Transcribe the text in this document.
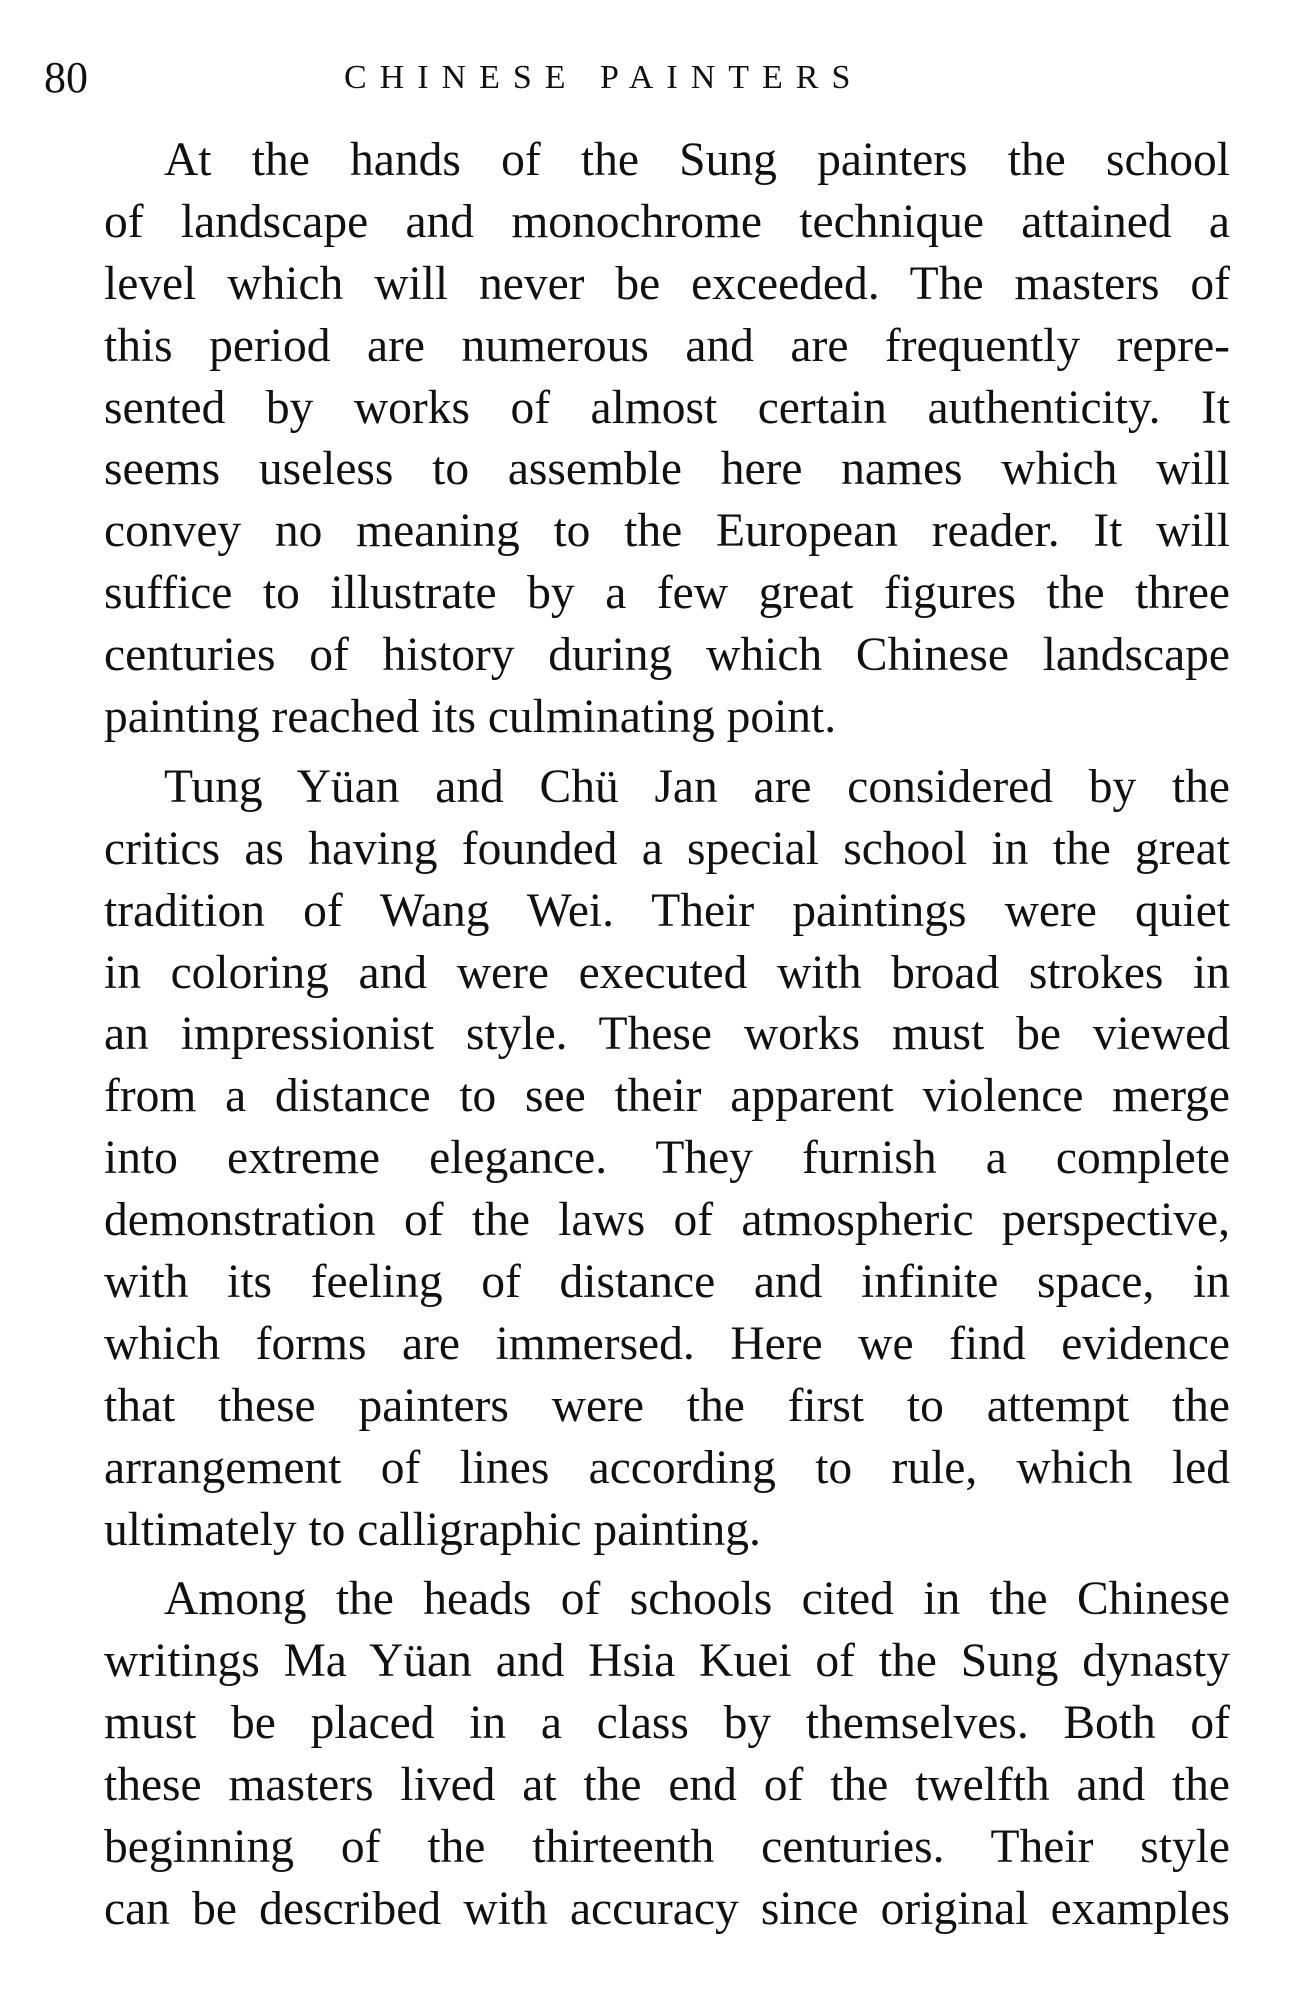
80	CHINESE PAINTERS
At the hands of the Sung painters the school
of landscape and monochrome technique attained a
level which will never be exceeded. The masters of
this period are numerous and are frequently repre-
sented by works of almost certain authenticity. It
seems useless to assemble here names which will
convey no meaning to the European reader. It will
suffice to illustrate by a few great figures the three
centuries of history during which Chinese landscape
painting reached its culminating point.
Tung Yüan and Chü Jan are considered by the
critics as having founded a special school in the great
tradition of Wang Wei. Their paintings were quiet
in coloring and were executed with broad strokes in
an impressionist style. These works must be viewed
from a distance to see their apparent violence merge
into extreme elegance. They furnish a complete
demonstration of the laws of atmospheric perspective,
with its feeling of distance and infinite space, in
which forms are immersed. Here we find evidence
that these painters were the first to attempt the
arrangement of lines according to rule, which led
ultimately to calligraphic painting.
Among the heads of schools cited in the Chinese
writings Ma Yüan and Hsia Kuei of the Sung dynasty
must be placed in a class by themselves. Both of
these masters lived at the end of the twelfth and the
beginning of the thirteenth centuries. Their style
can be described with accuracy since original examples
